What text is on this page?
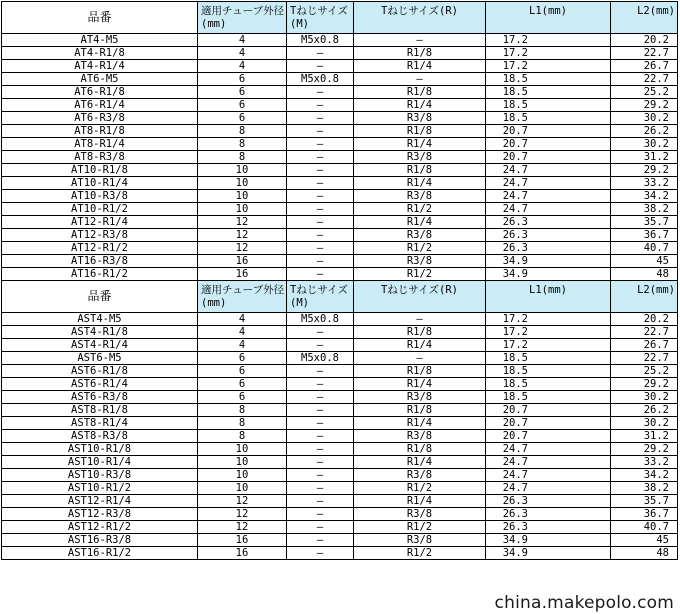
品番	適用チューブ外径(mm)	Tねじサイズ(M)	Tねじサイズ(R)	L1(mm)	L2(mm)
AT4-M5	4	M5x0.8	—	17.2	20.2
AT4-R1/8	4	—	R1/8	17.2	22.7
AT4-R1/4	4	—	R1/4	17.2	26.7
AT6-M5	6	M5x0.8	—	18.5	22.7
AT6-R1/8	6	—	R1/8	18.5	25.2
AT6-R1/4	6	—	R1/4	18.5	29.2
AT6-R3/8	6	—	R3/8	18.5	30.2
AT8-R1/8	8	—	R1/8	20.7	26.2
AT8-R1/4	8	—	R1/4	20.7	30.2
AT8-R3/8	8	—	R3/8	20.7	31.2
AT10-R1/8	10	—	R1/8	24.7	29.2
AT10-R1/4	10	—	R1/4	24.7	33.2
AT10-R3/8	10	—	R3/8	24.7	34.2
AT10-R1/2	10	—	R1/2	24.7	38.2
AT12-R1/4	12	—	R1/4	26.3	35.7
AT12-R3/8	12	—	R3/8	26.3	36.7
AT12-R1/2	12	—	R1/2	26.3	40.7
AT16-R3/8	16	—	R3/8	34.9	45
AT16-R1/2	16	—	R1/2	34.9	48
品番	適用チューブ外径(mm)	Tねじサイズ(M)	Tねじサイズ(R)	L1(mm)	L2(mm)
AST4-M5	4	M5x0.8	—	17.2	20.2
AST4-R1/8	4	—	R1/8	17.2	22.7
AST4-R1/4	4	—	R1/4	17.2	26.7
AST6-M5	6	M5x0.8	—	18.5	22.7
AST6-R1/8	6	—	R1/8	18.5	25.2
AST6-R1/4	6	—	R1/4	18.5	29.2
AST6-R3/8	6	—	R3/8	18.5	30.2
AST8-R1/8	8	—	R1/8	20.7	26.2
AST8-R1/4	8	—	R1/4	20.7	30.2
AST8-R3/8	8	—	R3/8	20.7	31.2
AST10-R1/8	10	—	R1/8	24.7	29.2
AST10-R1/4	10	—	R1/4	24.7	33.2
AST10-R3/8	10	—	R3/8	24.7	34.2
AST10-R1/2	10	—	R1/2	24.7	38.2
AST12-R1/4	12	—	R1/4	26.3	35.7
AST12-R3/8	12	—	R3/8	26.3	36.7
AST12-R1/2	12	—	R1/2	26.3	40.7
AST16-R3/8	16	—	R3/8	34.9	45
AST16-R1/2	16	—	R1/2	34.9	48
china.makepolo.com
